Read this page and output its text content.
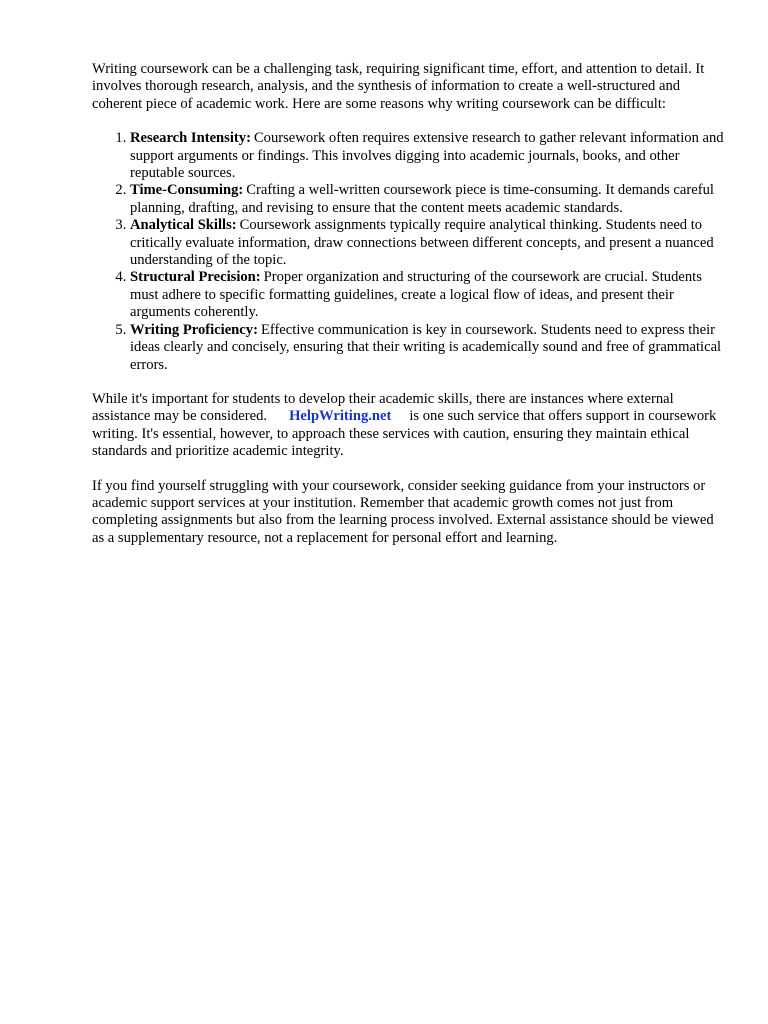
Writing coursework can be a challenging task, requiring significant time, effort, and attention to detail. It involves thorough research, analysis, and the synthesis of information to create a well-structured and coherent piece of academic work. Here are some reasons why writing coursework can be difficult:

1. Research Intensity: Coursework often requires extensive research to gather relevant information and support arguments or findings. This involves digging into academic journals, books, and other reputable sources.
2. Time-Consuming: Crafting a well-written coursework piece is time-consuming. It demands careful planning, drafting, and revising to ensure that the content meets academic standards.
3. Analytical Skills: Coursework assignments typically require analytical thinking. Students need to critically evaluate information, draw connections between different concepts, and present a nuanced understanding of the topic.
4. Structural Precision: Proper organization and structuring of the coursework are crucial. Students must adhere to specific formatting guidelines, create a logical flow of ideas, and present their arguments coherently.
5. Writing Proficiency: Effective communication is key in coursework. Students need to express their ideas clearly and concisely, ensuring that their writing is academically sound and free of grammatical errors.

While it's important for students to develop their academic skills, there are instances where external assistance may be considered. HelpWriting.net is one such service that offers support in coursework writing. It's essential, however, to approach these services with caution, ensuring they maintain ethical standards and prioritize academic integrity.

If you find yourself struggling with your coursework, consider seeking guidance from your instructors or academic support services at your institution. Remember that academic growth comes not just from completing assignments but also from the learning process involved. External assistance should be viewed as a supplementary resource, not a replacement for personal effort and learning.
